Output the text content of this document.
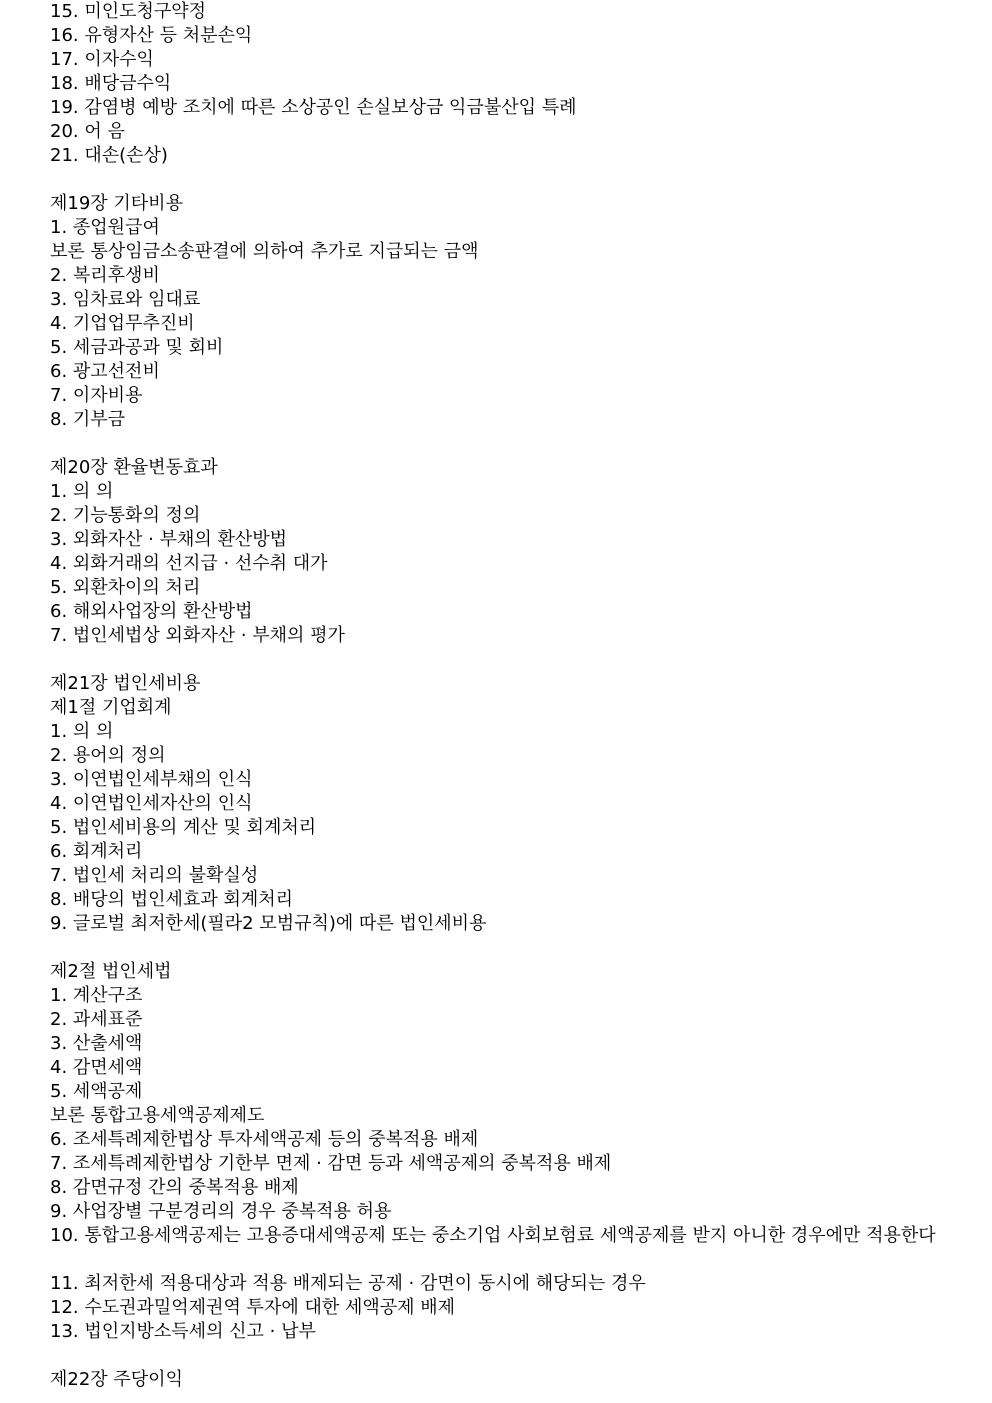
15. 미인도청구약정
16. 유형자산 등 처분손익
17. 이자수익
18. 배당금수익
19. 감염병 예방 조치에 따른 소상공인 손실보상금 익금불산입 특례
20. 어 음
21. 대손(손상)
제19장 기타비용
1. 종업원급여
보론 통상임금소송판결에 의하여 추가로 지급되는 금액
2. 복리후생비
3. 임차료와 임대료
4. 기업업무추진비
5. 세금과공과 및 회비
6. 광고선전비
7. 이자비용
8. 기부금
제20장 환율변동효과
1. 의 의
2. 기능통화의 정의
3. 외화자산 · 부채의 환산방법
4. 외화거래의 선지급 · 선수취 대가
5. 외환차이의 처리
6. 해외사업장의 환산방법
7. 법인세법상 외화자산 · 부채의 평가
제21장 법인세비용
제1절 기업회계
1. 의 의
2. 용어의 정의
3. 이연법인세부채의 인식
4. 이연법인세자산의 인식
5. 법인세비용의 계산 및 회계처리
6. 회계처리
7. 법인세 처리의 불확실성
8. 배당의 법인세효과 회계처리
9. 글로벌 최저한세(필라2 모범규칙)에 따른 법인세비용
제2절 법인세법
1. 계산구조
2. 과세표준
3. 산출세액
4. 감면세액
5. 세액공제
보론 통합고용세액공제제도
6. 조세특례제한법상 투자세액공제 등의 중복적용 배제
7. 조세특례제한법상 기한부 면제 · 감면 등과 세액공제의 중복적용 배제
8. 감면규정 간의 중복적용 배제
9. 사업장별 구분경리의 경우 중복적용 허용
10. 통합고용세액공제는 고용증대세액공제 또는 중소기업 사회보험료 세액공제를 받지 아니한 경우에만 적용한다
11. 최저한세 적용대상과 적용 배제되는 공제 · 감면이 동시에 해당되는 경우
12. 수도권과밀억제권역 투자에 대한 세액공제 배제
13. 법인지방소득세의 신고 · 납부
제22장 주당이익
